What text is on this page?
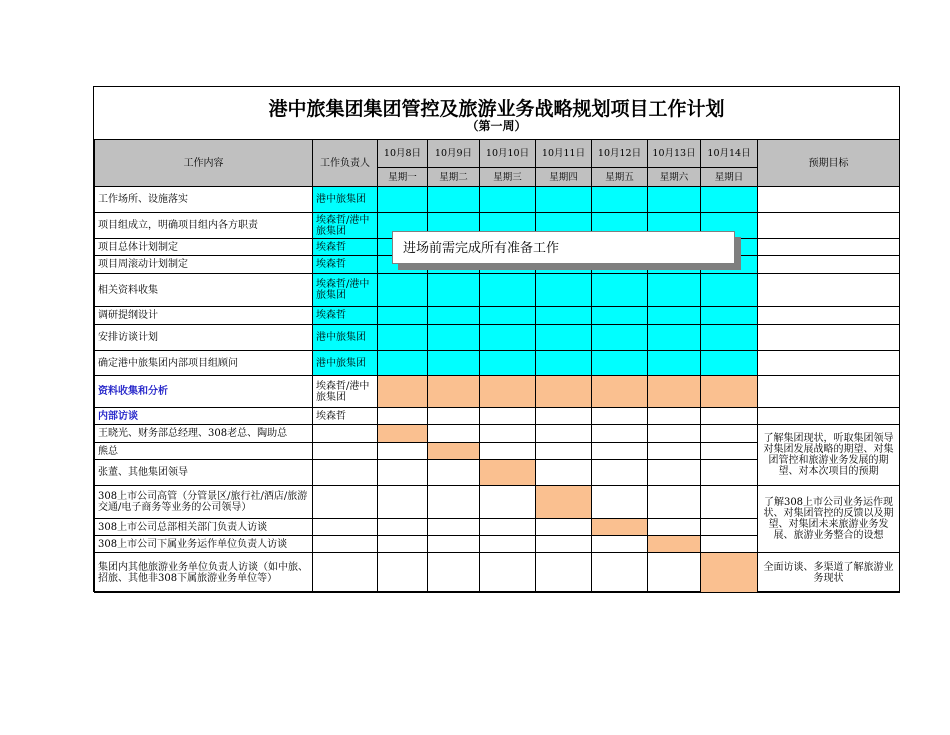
港中旅集团集团管控及旅游业务战略规划项目工作计划
（第一周）
工作内容	工作负责人	10月8日	10月9日	10月10日	10月11日	10月12日	10月13日	10月14日	预期目标
		星期一	星期二	星期三	星期四	星期五	星期六	星期日	
工作场所、设施落实	港中旅集团								
项目组成立，明确项目组内各方职责	埃森哲/港中旅集团								
项目总体计划制定	埃森哲								
项目周滚动计划制定	埃森哲								
相关资料收集	埃森哲/港中旅集团								
调研提纲设计	埃森哲								
安排访谈计划	港中旅集团								
确定港中旅集团内部项目组顾问	港中旅集团								
资料收集和分析	埃森哲/港中旅集团								
内部访谈	埃森哲								
王晓光、财务部总经理、308老总、陶助总									了解集团现状，听取集团领导对集团发展战略的期望、对集团管控和旅游业务发展的期望、对本次项目的预期
熊总									
张董、其他集团领导									
308上市公司高管（分管景区/旅行社/酒店/旅游交通/电子商务等业务的公司领导）									了解308上市公司业务运作现状、对集团管控的反馈以及期望、对集团未来旅游业务发展、旅游业务整合的设想
308上市公司总部相关部门负责人访谈									
308上市公司下属业务运作单位负责人访谈									
集团内其他旅游业务单位负责人访谈（如中旅、招旅、其他非308下属旅游业务单位等）									全面访谈、多渠道了解旅游业务现状
进场前需完成所有准备工作
